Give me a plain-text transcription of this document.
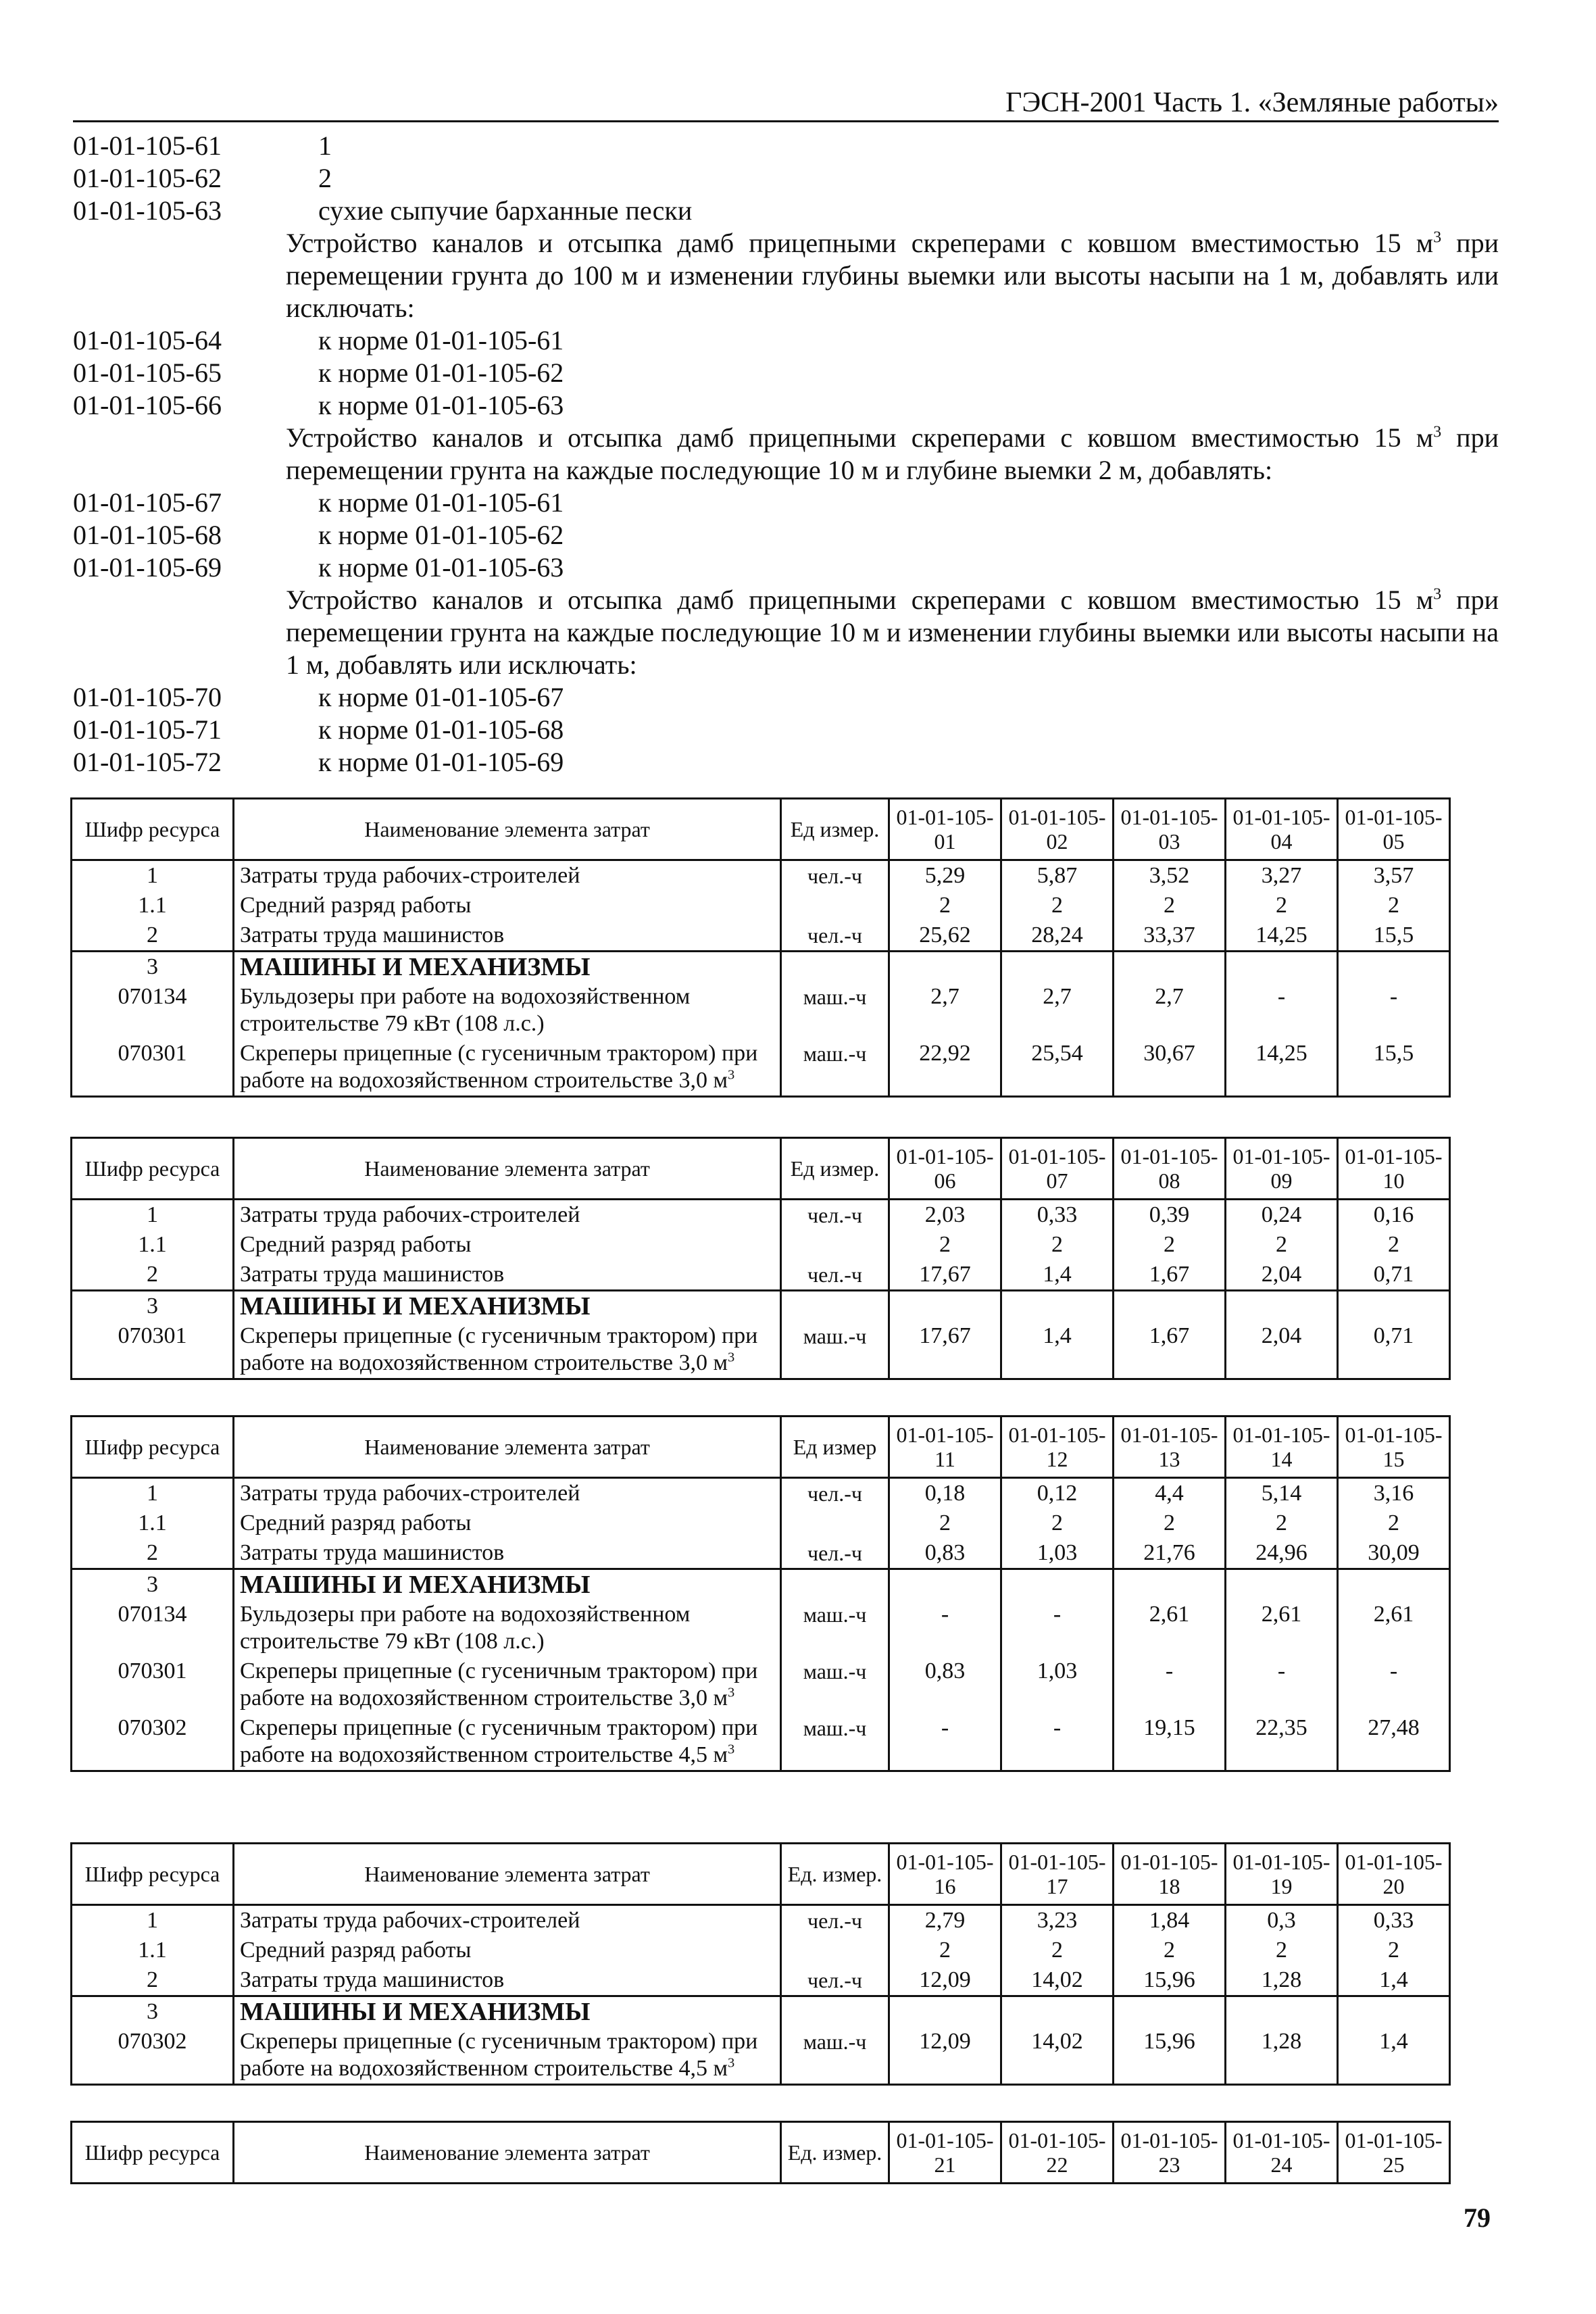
ГЭСН-2001 Часть 1. «Земляные работы»
01-01-105-61	1
01-01-105-62	2
01-01-105-63	сухие сыпучие барханные пески
Устройство каналов и отсыпка дамб прицепными скреперами с ковшом вместимостью 15 $м^3$ при перемещении грунта до 100 м и изменении глубины выемки или высоты насыпи на 1 м, добавлять или исключать:
01-01-105-64	к норме 01-01-105-61
01-01-105-65	к норме 01-01-105-62
01-01-105-66	к норме 01-01-105-63
Устройство каналов и отсыпка дамб прицепными скреперами с ковшом вместимостью 15 $м^3$ при перемещении грунта на каждые последующие 10 м и глубине выемки 2 м, добавлять:
01-01-105-67	к норме 01-01-105-61
01-01-105-68	к норме 01-01-105-62
01-01-105-69	к норме 01-01-105-63
Устройство каналов и отсыпка дамб прицепными скреперами с ковшом вместимостью 15 $м^3$ при перемещении грунта на каждые последующие 10 м и изменении глубины выемки или высоты насыпи на 1 м, добавлять или исключать:
01-01-105-70	к норме 01-01-105-67
01-01-105-71	к норме 01-01-105-68
01-01-105-72	к норме 01-01-105-69
Шифр ресурса	Наименование элемента затрат	Ед измер.	01-01-105-01	01-01-105-02	01-01-105-03	01-01-105-04	01-01-105-05
1	Затраты труда рабочих-строителей	чел.-ч	5,29	5,87	3,52	3,27	3,57
1.1	Средний разряд работы		2	2	2	2	2
2	Затраты труда машинистов	чел.-ч	25,62	28,24	33,37	14,25	15,5
3	МАШИНЫ И МЕХАНИЗМЫ						
070134	Бульдозеры при работе на водохозяйственном строительстве 79 кВт (108 л.с.)	маш.-ч	2,7	2,7	2,7	-	-
070301	Скреперы прицепные (с гусеничным трактором) при работе на водохозяйственном строительстве 3,0 $м^3$	маш.-ч	22,92	25,54	30,67	14,25	15,5
Шифр ресурса	Наименование элемента затрат	Ед измер.	01-01-105-06	01-01-105-07	01-01-105-08	01-01-105-09	01-01-105-10
1	Затраты труда рабочих-строителей	чел.-ч	2,03	0,33	0,39	0,24	0,16
1.1	Средний разряд работы		2	2	2	2	2
2	Затраты труда машинистов	чел.-ч	17,67	1,4	1,67	2,04	0,71
3	МАШИНЫ И МЕХАНИЗМЫ						
070301	Скреперы прицепные (с гусеничным трактором) при работе на водохозяйственном строительстве 3,0 $м^3$	маш.-ч	17,67	1,4	1,67	2,04	0,71
Шифр ресурса	Наименование элемента затрат	Ед измер	01-01-105-11	01-01-105-12	01-01-105-13	01-01-105-14	01-01-105-15
1	Затраты труда рабочих-строителей	чел.-ч	0,18	0,12	4,4	5,14	3,16
1.1	Средний разряд работы		2	2	2	2	2
2	Затраты труда машинистов	чел.-ч	0,83	1,03	21,76	24,96	30,09
3	МАШИНЫ И МЕХАНИЗМЫ						
070134	Бульдозеры при работе на водохозяйственном строительстве 79 кВт (108 л.с.)	маш.-ч	-	-	2,61	2,61	2,61
070301	Скреперы прицепные (с гусеничным трактором) при работе на водохозяйственном строительстве 3,0 $м^3$	маш.-ч	0,83	1,03	-	-	-
070302	Скреперы прицепные (с гусеничным трактором) при работе на водохозяйственном строительстве 4,5 $м^3$	маш.-ч	-	-	19,15	22,35	27,48
Шифр ресурса	Наименование элемента затрат	Ед. измер.	01-01-105-16	01-01-105-17	01-01-105-18	01-01-105-19	01-01-105-20
1	Затраты труда рабочих-строителей	чел.-ч	2,79	3,23	1,84	0,3	0,33
1.1	Средний разряд работы		2	2	2	2	2
2	Затраты труда машинистов	чел.-ч	12,09	14,02	15,96	1,28	1,4
3	МАШИНЫ И МЕХАНИЗМЫ						
070302	Скреперы прицепные (с гусеничным трактором) при работе на водохозяйственном строительстве 4,5 $м^3$	маш.-ч	12,09	14,02	15,96	1,28	1,4
Шифр ресурса	Наименование элемента затрат	Ед. измер.	01-01-105-21	01-01-105-22	01-01-105-23	01-01-105-24	01-01-105-25
79
